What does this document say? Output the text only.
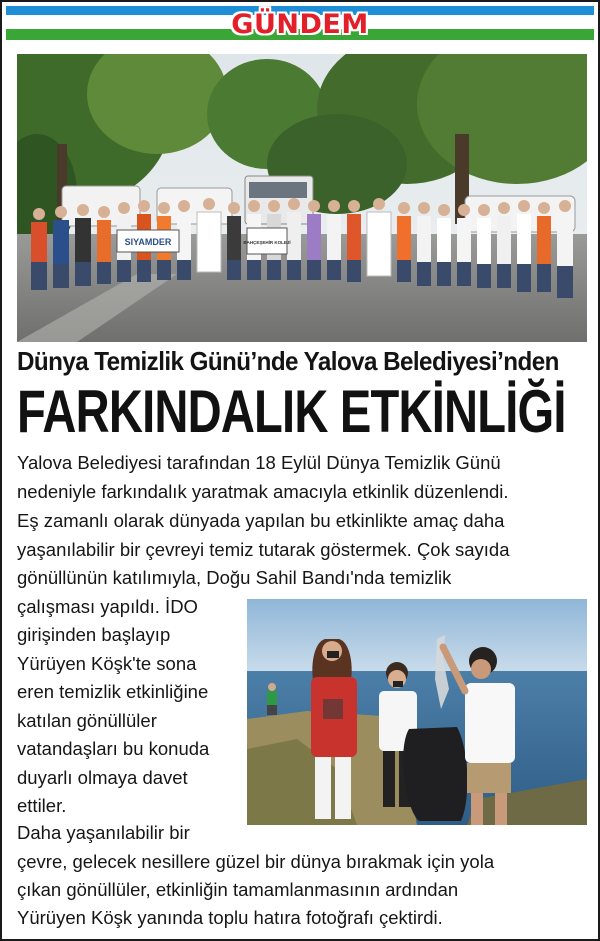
GÜNDEM
SIYAMDER	BAHÇEŞEHİR KOLEJİ
Dünya Temizlik Günü’nde Yalova Belediyesi’nden
FARKINDALIK ETKİNLİĞİ
Yalova Belediyesi tarafından 18 Eylül Dünya Temizlik Günü
nedeniyle farkındalık yaratmak amacıyla etkinlik düzenlendi.
Eş zamanlı olarak dünyada yapılan bu etkinlikte amaç daha
yaşanılabilir bir çevreyi temiz tutarak göstermek. Çok sayıda
gönüllünün katılımıyla, Doğu Sahil Bandı'nda temizlik
çalışması yapıldı. İDO
girişinden başlayıp
Yürüyen Köşk'te sona
eren temizlik etkinliğine
katılan gönüllüler
vatandaşları bu konuda
duyarlı olmaya davet
ettiler.
Daha yaşanılabilir bir
çevre, gelecek nesillere güzel bir dünya bırakmak için yola
çıkan gönüllüler, etkinliğin tamamlanmasının ardından
Yürüyen Köşk yanında toplu hatıra fotoğrafı çektirdi.
